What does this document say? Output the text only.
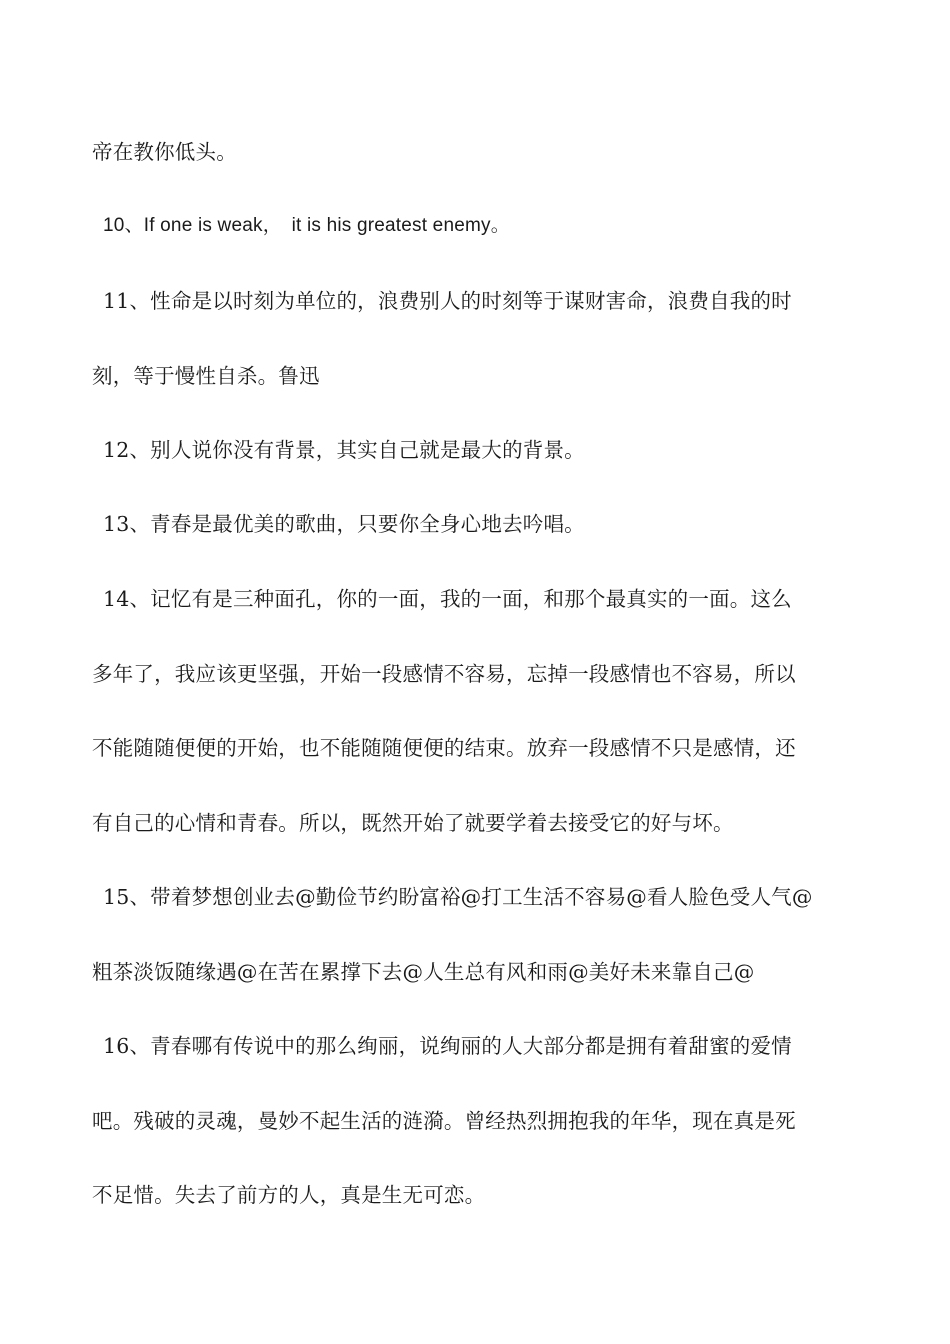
帝在教你低头。
10、If one is weak，　it is his greatest enemy。
11、性命是以时刻为单位的，浪费别人的时刻等于谋财害命，浪费自我的时
刻，等于慢性自杀。鲁迅
12、别人说你没有背景，其实自己就是最大的背景。
13、青春是最优美的歌曲，只要你全身心地去吟唱。
14、记忆有是三种面孔，你的一面，我的一面，和那个最真实的一面。这么
多年了，我应该更坚强，开始一段感情不容易，忘掉一段感情也不容易，所以
不能随随便便的开始，也不能随随便便的结束。放弃一段感情不只是感情，还
有自己的心情和青春。所以，既然开始了就要学着去接受它的好与坏。
15、带着梦想创业去@勤俭节约盼富裕@打工生活不容易@看人脸色受人气@
粗茶淡饭随缘遇@在苦在累撑下去@人生总有风和雨@美好未来靠自己@
16、青春哪有传说中的那么绚丽，说绚丽的人大部分都是拥有着甜蜜的爱情
吧。残破的灵魂，曼妙不起生活的涟漪。曾经热烈拥抱我的年华，现在真是死
不足惜。失去了前方的人，真是生无可恋。
